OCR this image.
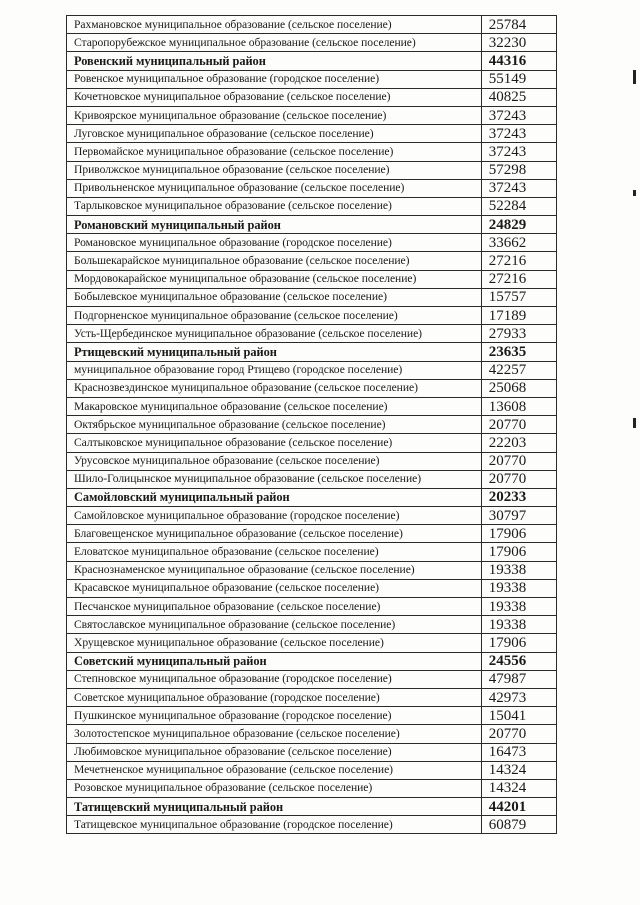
Рахмановское муниципальное образование (сельское поселение)	25784
Старопорубежское муниципальное образование (сельское поселение)	32230
Ровенский муниципальный район	44316
Ровенское муниципальное образование (городское поселение)	55149
Кочетновское муниципальное образование (сельское поселение)	40825
Кривоярское муниципальное образование (сельское поселение)	37243
Луговское муниципальное образование (сельское поселение)	37243
Первомайское муниципальное образование (сельское поселение)	37243
Приволжское муниципальное образование (сельское поселение)	57298
Привольненское муниципальное образование (сельское поселение)	37243
Тарлыковское муниципальное образование (сельское поселение)	52284
Романовский муниципальный район	24829
Романовское муниципальное образование (городское поселение)	33662
Большекарайское муниципальное образование (сельское поселение)	27216
Мордовокарайское муниципальное образование (сельское поселение)	27216
Бобылевское муниципальное образование (сельское поселение)	15757
Подгорненское муниципальное образование (сельское поселение)	17189
Усть-Щербединское муниципальное образование (сельское поселение)	27933
Ртищевский муниципальный район	23635
муниципальное образование город Ртищево (городское поселение)	42257
Краснозвездинское муниципальное образование (сельское поселение)	25068
Макаровское муниципальное образование (сельское поселение)	13608
Октябрьское муниципальное образование (сельское поселение)	20770
Салтыковское муниципальное образование (сельское поселение)	22203
Урусовское муниципальное образование (сельское поселение)	20770
Шило-Голицынское муниципальное образование (сельское поселение)	20770
Самойловский муниципальный район	20233
Самойловское муниципальное образование (городское поселение)	30797
Благовещенское муниципальное образование (сельское поселение)	17906
Еловатское муниципальное образование (сельское поселение)	17906
Краснознаменское муниципальное образование (сельское поселение)	19338
Красавское муниципальное образование (сельское поселение)	19338
Песчанское муниципальное образование (сельское поселение)	19338
Святославское муниципальное образование (сельское поселение)	19338
Хрущевское муниципальное образование (сельское поселение)	17906
Советский муниципальный район	24556
Степновское муниципальное образование (городское поселение)	47987
Советское муниципальное образование (городское поселение)	42973
Пушкинское муниципальное образование (городское поселение)	15041
Золотостепское муниципальное образование (сельское поселение)	20770
Любимовское муниципальное образование (сельское поселение)	16473
Мечетненское муниципальное образование (сельское поселение)	14324
Розовское муниципальное образование (сельское поселение)	14324
Татищевский муниципальный район	44201
Татищевское муниципальное образование (городское поселение)	60879
